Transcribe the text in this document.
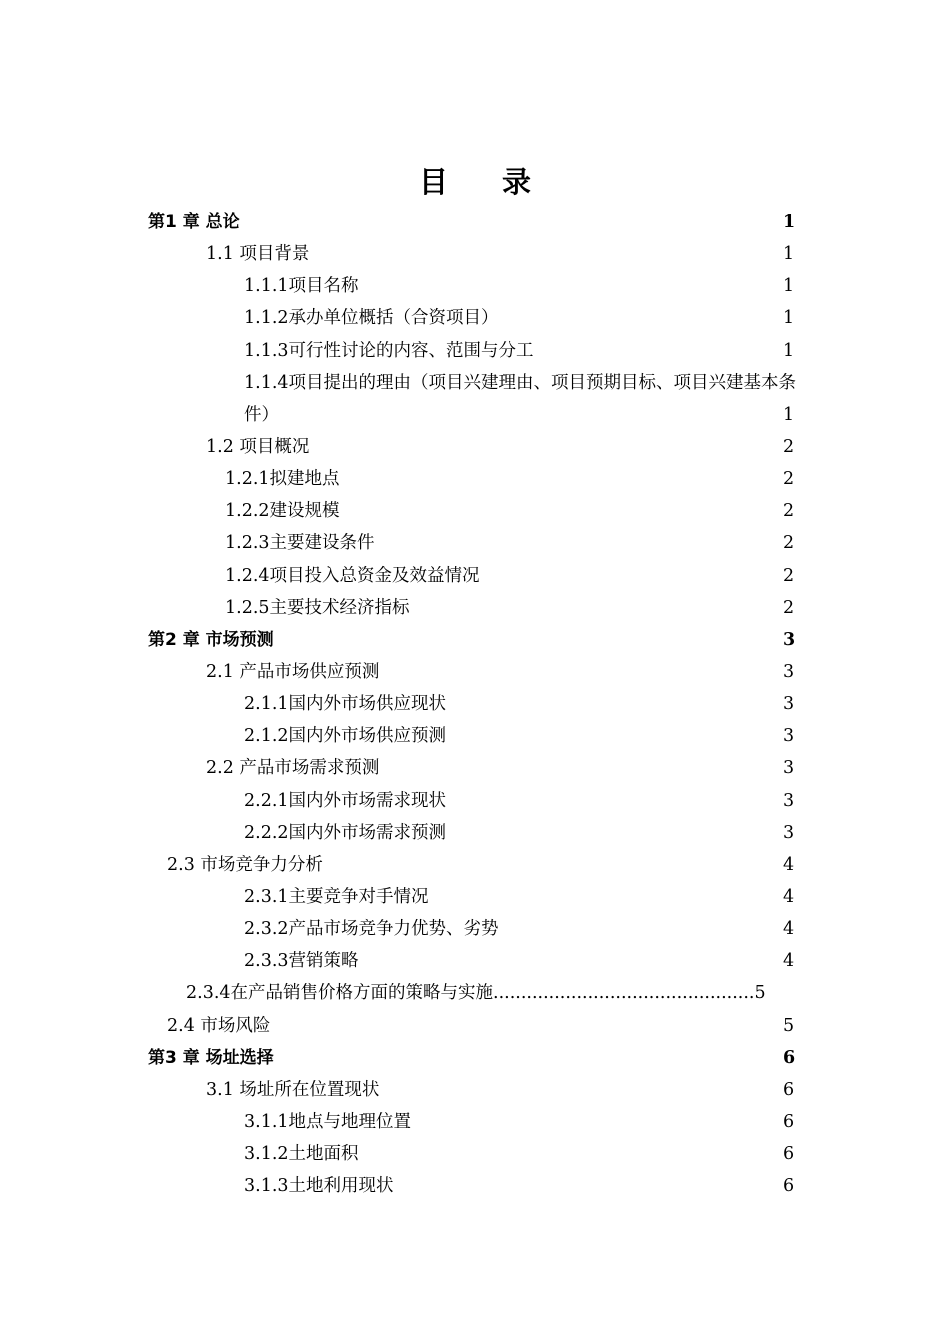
目 录
第1 章 总论	1
1.1 项目背景	1
1.1.1项目名称	1
1.1.2承办单位概括（合资项目）	1
1.1.3可行性讨论的内容、范围与分工	1
1.1.4项目提出的理由（项目兴建理由、项目预期目标、项目兴建基本条件）	1
1.2 项目概况	2
1.2.1拟建地点	2
1.2.2建设规模	2
1.2.3主要建设条件	2
1.2.4项目投入总资金及效益情况	2
1.2.5主要技术经济指标	2
第2 章 市场预测	3
2.1 产品市场供应预测	3
2.1.1国内外市场供应现状	3
2.1.2国内外市场供应预测	3
2.2 产品市场需求预测	3
2.2.1国内外市场需求现状	3
2.2.2国内外市场需求预测	3
2.3 市场竞争力分析	4
2.3.1主要竞争对手情况	4
2.3.2产品市场竞争力优势、劣势	4
2.3.3营销策略	4
2.3.4在产品销售价格方面的策略与实施...............................................5
2.4 市场风险	5
第3 章 场址选择	6
3.1 场址所在位置现状	6
3.1.1地点与地理位置	6
3.1.2土地面积	6
3.1.3土地利用现状	6
